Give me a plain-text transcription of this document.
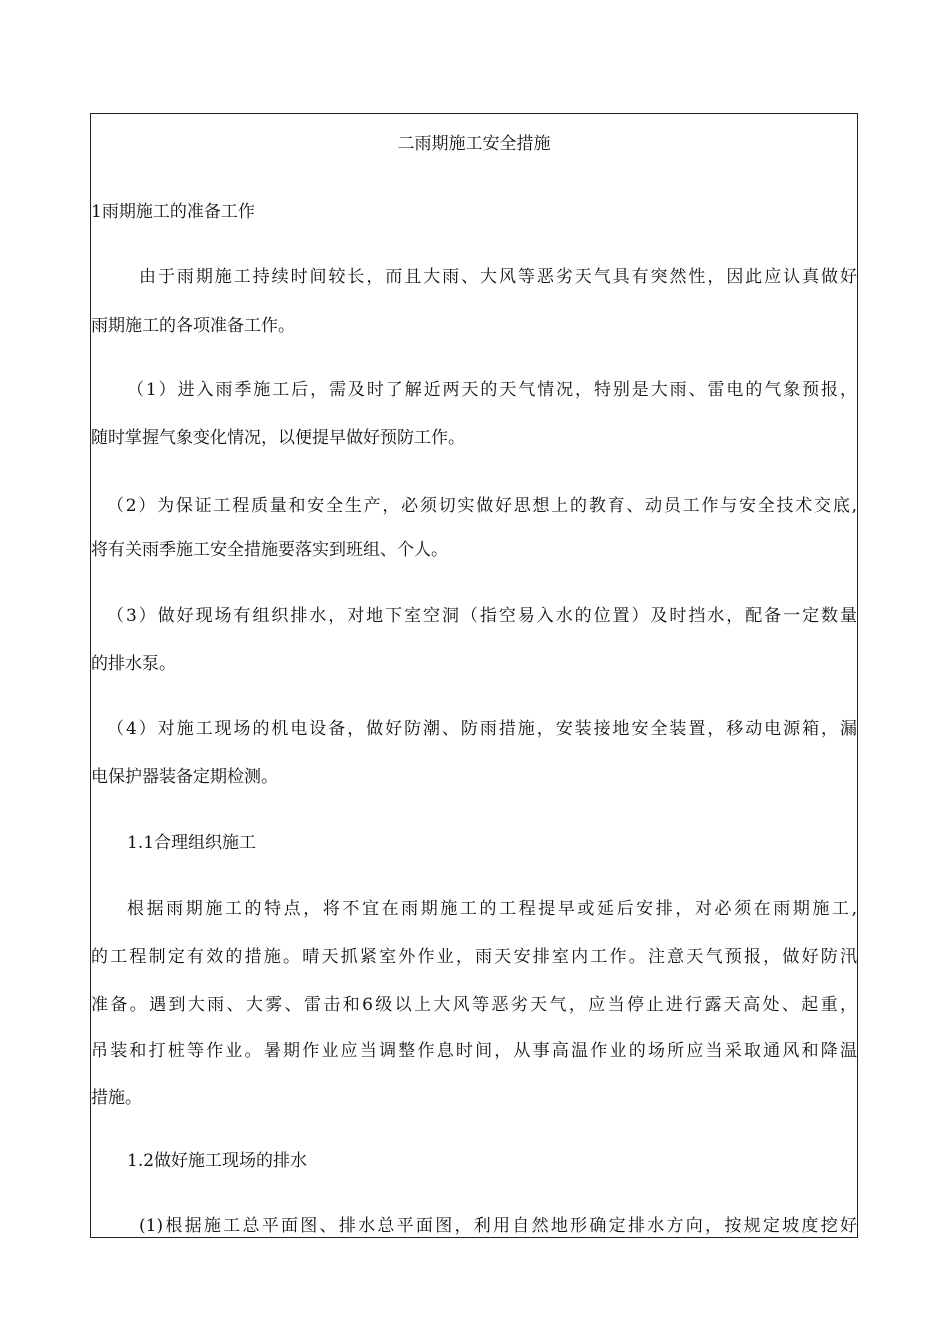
二雨期施工安全措施
1雨期施工的准备工作
由于雨期施工持续时间较长，而且大雨、大风等恶劣天气具有突然性，因此应认真做好
雨期施工的各项准备工作。
（1）进入雨季施工后，需及时了解近两天的天气情况，特别是大雨、雷电的气象预报，
随时掌握气象变化情况，以便提早做好预防工作。
（2）为保证工程质量和安全生产，必须切实做好思想上的教育、动员工作与安全技术交底,
将有关雨季施工安全措施要落实到班组、个人。
（3）做好现场有组织排水，对地下室空洞（指空易入水的位置）及时挡水，配备一定数量
的排水泵。
（4）对施工现场的机电设备，做好防潮、防雨措施，安装接地安全装置，移动电源箱，漏
电保护器装备定期检测。
1.1合理组织施工
根据雨期施工的特点，将不宜在雨期施工的工程提早或延后安排，对必须在雨期施工,
的工程制定有效的措施。晴天抓紧室外作业，雨天安排室内工作。注意天气预报，做好防汛
准备。遇到大雨、大雾、雷击和6级以上大风等恶劣天气，应当停止进行露天高处、起重，
吊装和打桩等作业。暑期作业应当调整作息时间，从事高温作业的场所应当采取通风和降温
措施。
1.2做好施工现场的排水
(1)根据施工总平面图、排水总平面图，利用自然地形确定排水方向，按规定坡度挖好
